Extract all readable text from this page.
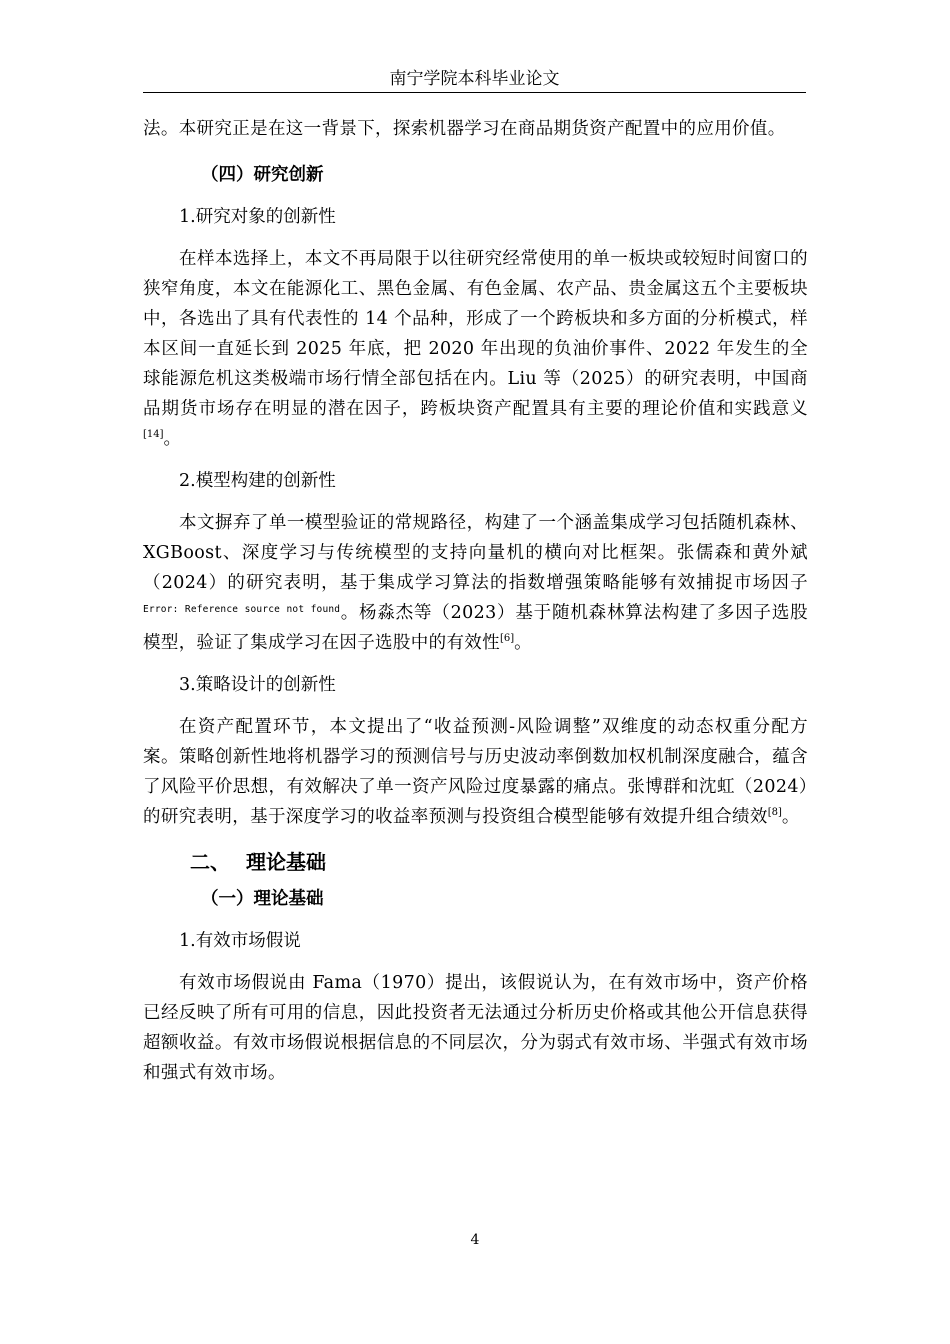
南宁学院本科毕业论文

法。本研究正是在这一背景下，探索机器学习在商品期货资产配置中的应用价值。

（四）研究创新
1.研究对象的创新性

在样本选择上，本文不再局限于以往研究经常使用的单一板块或较短时间窗口的狭窄角度，本文在能源化工、黑色金属、有色金属、农产品、贵金属这五个主要板块中，各选出了具有代表性的 14 个品种，形成了一个跨板块和多方面的分析模式，样本区间一直延长到 2025 年底，把 2020 年出现的负油价事件、2022 年发生的全球能源危机这类极端市场行情全部包括在内。Liu 等（2025）的研究表明，中国商品期货市场存在明显的潜在因子，跨板块资产配置具有主要的理论价值和实践意义[14]。

2.模型构建的创新性

本文摒弃了单一模型验证的常规路径，构建了一个涵盖集成学习包括随机森林、XGBoost、深度学习与传统模型的支持向量机的横向对比框架。张儒森和黄外斌（2024）的研究表明，基于集成学习算法的指数增强策略能够有效捕捉市场因子$^{Error: Reference source not found}$。杨淼杰等（2023）基于随机森林算法构建了多因子选股模型，验证了集成学习在因子选股中的有效性[6]。

3.策略设计的创新性

在资产配置环节，本文提出了“收益预测-风险调整”双维度的动态权重分配方案。策略创新性地将机器学习的预测信号与历史波动率倒数加权机制深度融合，蕴含了风险平价思想，有效解决了单一资产风险过度暴露的痛点。张博群和沈虹（2024）的研究表明，基于深度学习的收益率预测与投资组合模型能够有效提升组合绩效[8]。

二、 理论基础
（一）理论基础
1.有效市场假说

有效市场假说由 Fama（1970）提出，该假说认为，在有效市场中，资产价格已经反映了所有可用的信息，因此投资者无法通过分析历史价格或其他公开信息获得超额收益。有效市场假说根据信息的不同层次，分为弱式有效市场、半强式有效市场和强式有效市场。

4
